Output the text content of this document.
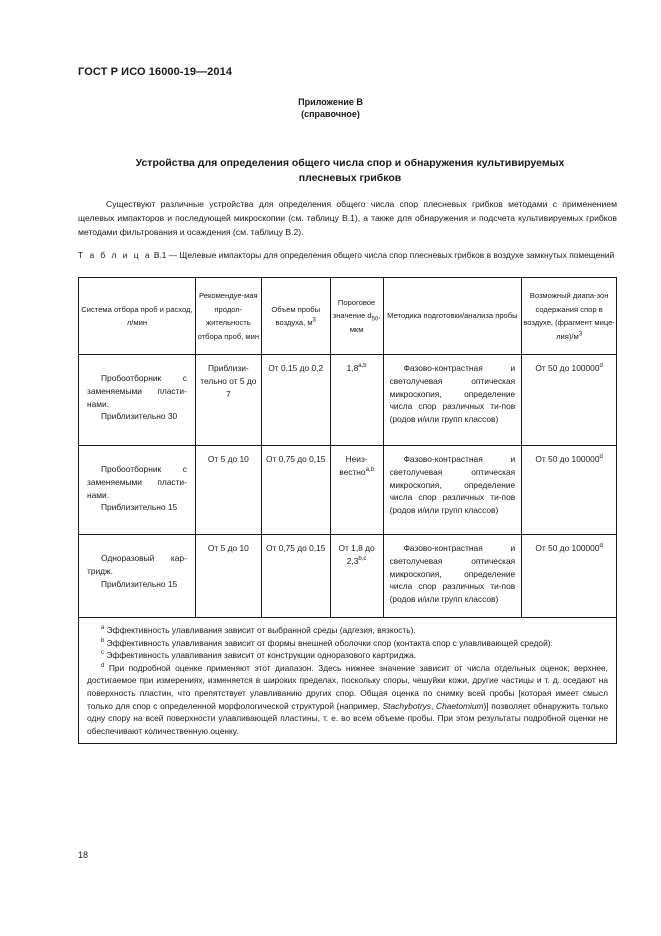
ГОСТ Р ИСО 16000-19—2014
Приложение В
(справочное)
Устройства для определения общего числа спор и обнаружения культивируемых
плесневых грибков
Существуют различные устройства для определения общего числа спор плесневых грибков методами с применением щелевых импакторов и последующей микроскопии (см. таблицу В.1), а также для обнаружения и подсчета культивируемых грибков методами фильтрования и осаждения (см. таблицу В.2).
Т а б л и ц а В.1 — Щелевые импакторы для определения общего числа спор плесневых грибков в воздухе замкнутых помещений
Система отбора проб и расход, л/мин	Рекомендуе-мая продол-жительность отбора проб, мин	Объем пробы воздуха, $м^3$	Пороговое значение $d_{50}$, мкм	Методика подготовки/анализа пробы	Возможный диапа-зон содержания спор в воздухе, (фрагмент мице-$лия)/м^3$

Пробоотборник с заменяемыми пласти-нами.
Приблизительно 30	Приблизи-тельно от 5 до 7	От 0,15 до 0,2	1,8$^{a,b}$	Фазово-контрастная и светолучевая оптическая микроскопия, определение числа спор различных ти-пов (родов и/или групп классов)	От 50 до 100000$^d$

Пробоотборник с заменяемыми пласти-нами.
Приблизительно 15	От 5 до 10	От 0,75 до 0,15	Неиз-вестно$^{a,b}$	Фазово-контрастная и светолучевая оптическая микроскопия, определение числа спор различных ти-пов (родов и/или групп классов)	От 50 до 100000$^d$

Одноразовый кар-тридж.
Приблизительно 15	От 5 до 10	От 0,75 до 0,15	От 1,8 до 2,3$^{b,c}$	Фазово-контрастная и светолучевая оптическая микроскопия, определение числа спор различных ти-пов (родов и/или групп классов)	От 50 до 100000$^d$

$^a$ Эффективность улавливания зависит от выбранной среды (адгезия, вязкость).

$^b$ Эффективность улавливания зависит от формы внешней оболочки спор (контакта спор с улавливающей средой).

$^c$ Эффективность улавливания зависит от конструкции одноразового картриджа.

$^d$ При подробной оценке применяют этот диапазон. Здесь нижнее значение зависит от числа отдельных оценок; верхнее, достигаемое при измерениях, изменяется в широких пределах, поскольку споры, чешуйки кожи, другие частицы и т. д. оседают на поверхность пластин, что препятствует улавливанию других спор. Общая оценка по снимку всей пробы [которая имеет смысл только для спор с определенной морфологической структурой (например, Stachybotrys, Chaetomium)] позволяет обнаружить только одну спору на всей поверхности улавливающей пластины, т. е. во всем объеме пробы. При этом результаты подробной оценки не обеспечивают количественную оценку.					

18
